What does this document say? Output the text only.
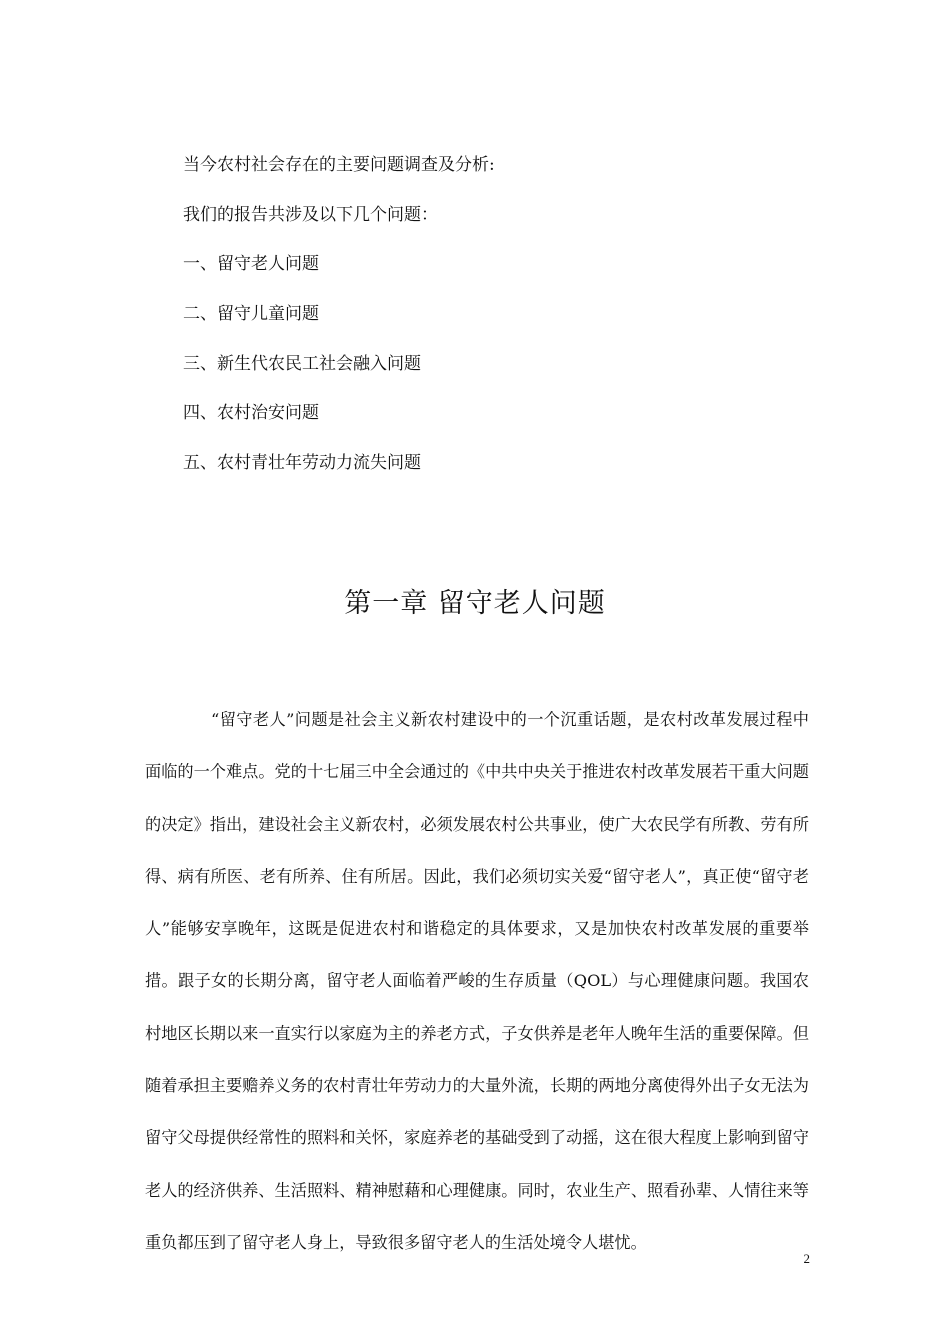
当今农村社会存在的主要问题调查及分析:
我们的报告共涉及以下几个问题：
一、留守老人问题
二、留守儿童问题
三、新生代农民工社会融入问题
四、农村治安问题
五、农村青壮年劳动力流失问题
第一章 留守老人问题

“留守老人”问题是社会主义新农村建设中的一个沉重话题，是农村改革发展过程中面临的一个难点。党的十七届三中全会通过的《中共中央关于推进农村改革发展若干重大问题的决定》指出，建设社会主义新农村，必须发展农村公共事业，使广大农民学有所教、劳有所得、病有所医、老有所养、住有所居。因此，我们必须切实关爱“留守老人”，真正使“留守老人”能够安享晚年，这既是促进农村和谐稳定的具体要求，又是加快农村改革发展的重要举措。跟子女的长期分离，留守老人面临着严峻的生存质量（QOL）与心理健康问题。我国农村地区长期以来一直实行以家庭为主的养老方式，子女供养是老年人晚年生活的重要保障。但随着承担主要赡养义务的农村青壮年劳动力的大量外流，长期的两地分离使得外出子女无法为留守父母提供经常性的照料和关怀，家庭养老的基础受到了动摇，这在很大程度上影响到留守老人的经济供养、生活照料、精神慰藉和心理健康。同时，农业生产、照看孙辈、人情往来等重负都压到了留守老人身上，导致很多留守老人的生活处境令人堪忧。

2
